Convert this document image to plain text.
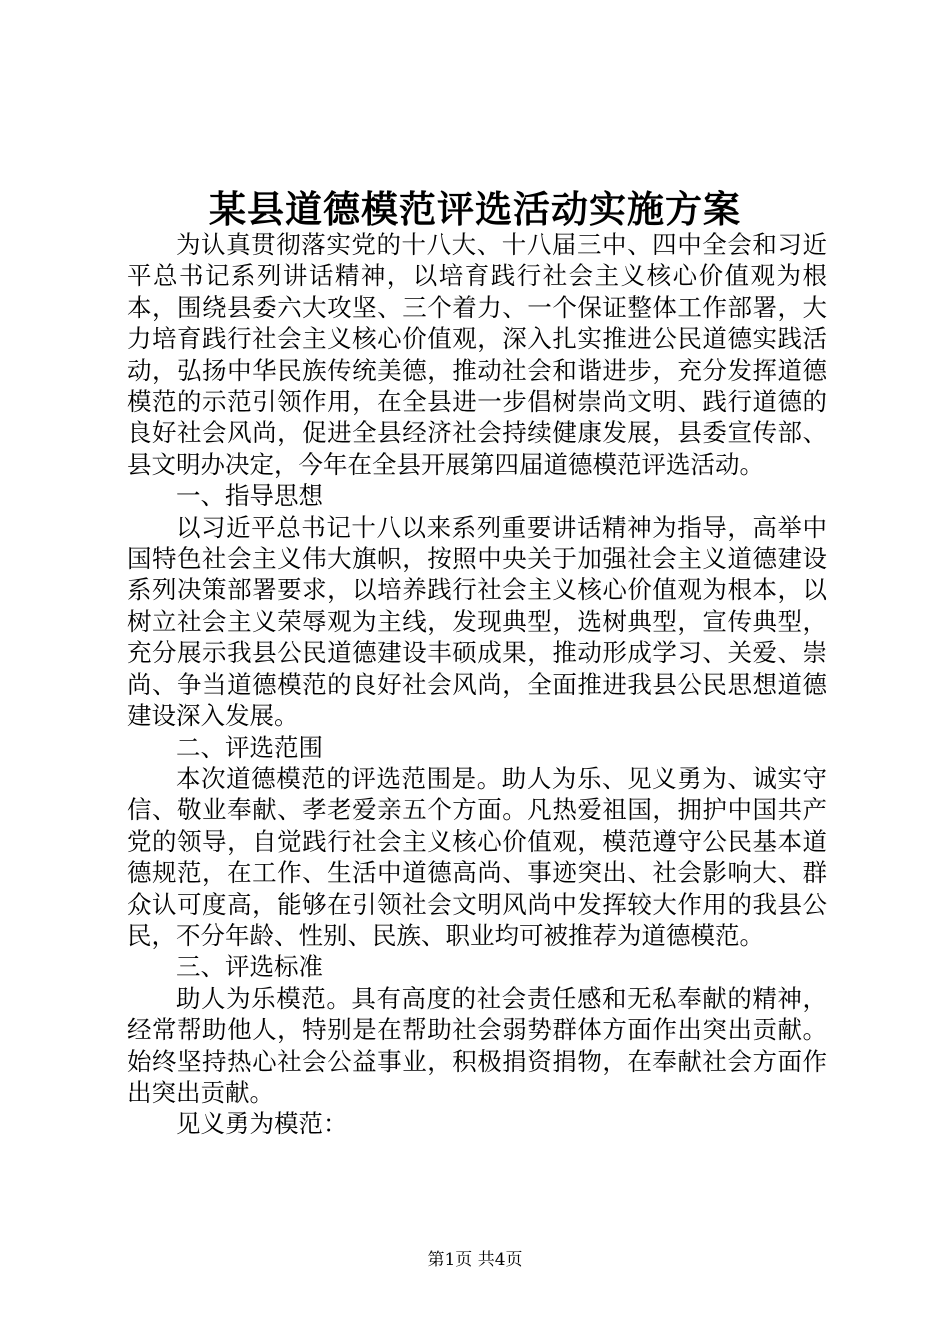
某县道德模范评选活动实施方案

为认真贯彻落实党的十八大、十八届三中、四中全会和习近平总书记系列讲话精神，以培育践行社会主义核心价值观为根本，围绕县委六大攻坚、三个着力、一个保证整体工作部署，大力培育践行社会主义核心价值观，深入扎实推进公民道德实践活动，弘扬中华民族传统美德，推动社会和谐进步，充分发挥道德模范的示范引领作用，在全县进一步倡树崇尚文明、践行道德的良好社会风尚，促进全县经济社会持续健康发展，县委宣传部、县文明办决定，今年在全县开展第四届道德模范评选活动。

一、指导思想

以习近平总书记十八以来系列重要讲话精神为指导，高举中国特色社会主义伟大旗帜，按照中央关于加强社会主义道德建设系列决策部署要求，以培养践行社会主义核心价值观为根本，以树立社会主义荣辱观为主线，发现典型，选树典型，宣传典型，充分展示我县公民道德建设丰硕成果，推动形成学习、关爱、崇尚、争当道德模范的良好社会风尚，全面推进我县公民思想道德建设深入发展。

二、评选范围

本次道德模范的评选范围是。助人为乐、见义勇为、诚实守信、敬业奉献、孝老爱亲五个方面。凡热爱祖国，拥护中国共产党的领导，自觉践行社会主义核心价值观，模范遵守公民基本道德规范，在工作、生活中道德高尚、事迹突出、社会影响大、群众认可度高，能够在引领社会文明风尚中发挥较大作用的我县公民，不分年龄、性别、民族、职业均可被推荐为道德模范。

三、评选标准

助人为乐模范。具有高度的社会责任感和无私奉献的精神，经常帮助他人，特别是在帮助社会弱势群体方面作出突出贡献。始终坚持热心社会公益事业，积极捐资捐物，在奉献社会方面作出突出贡献。

见义勇为模范：

第1页 共4页
